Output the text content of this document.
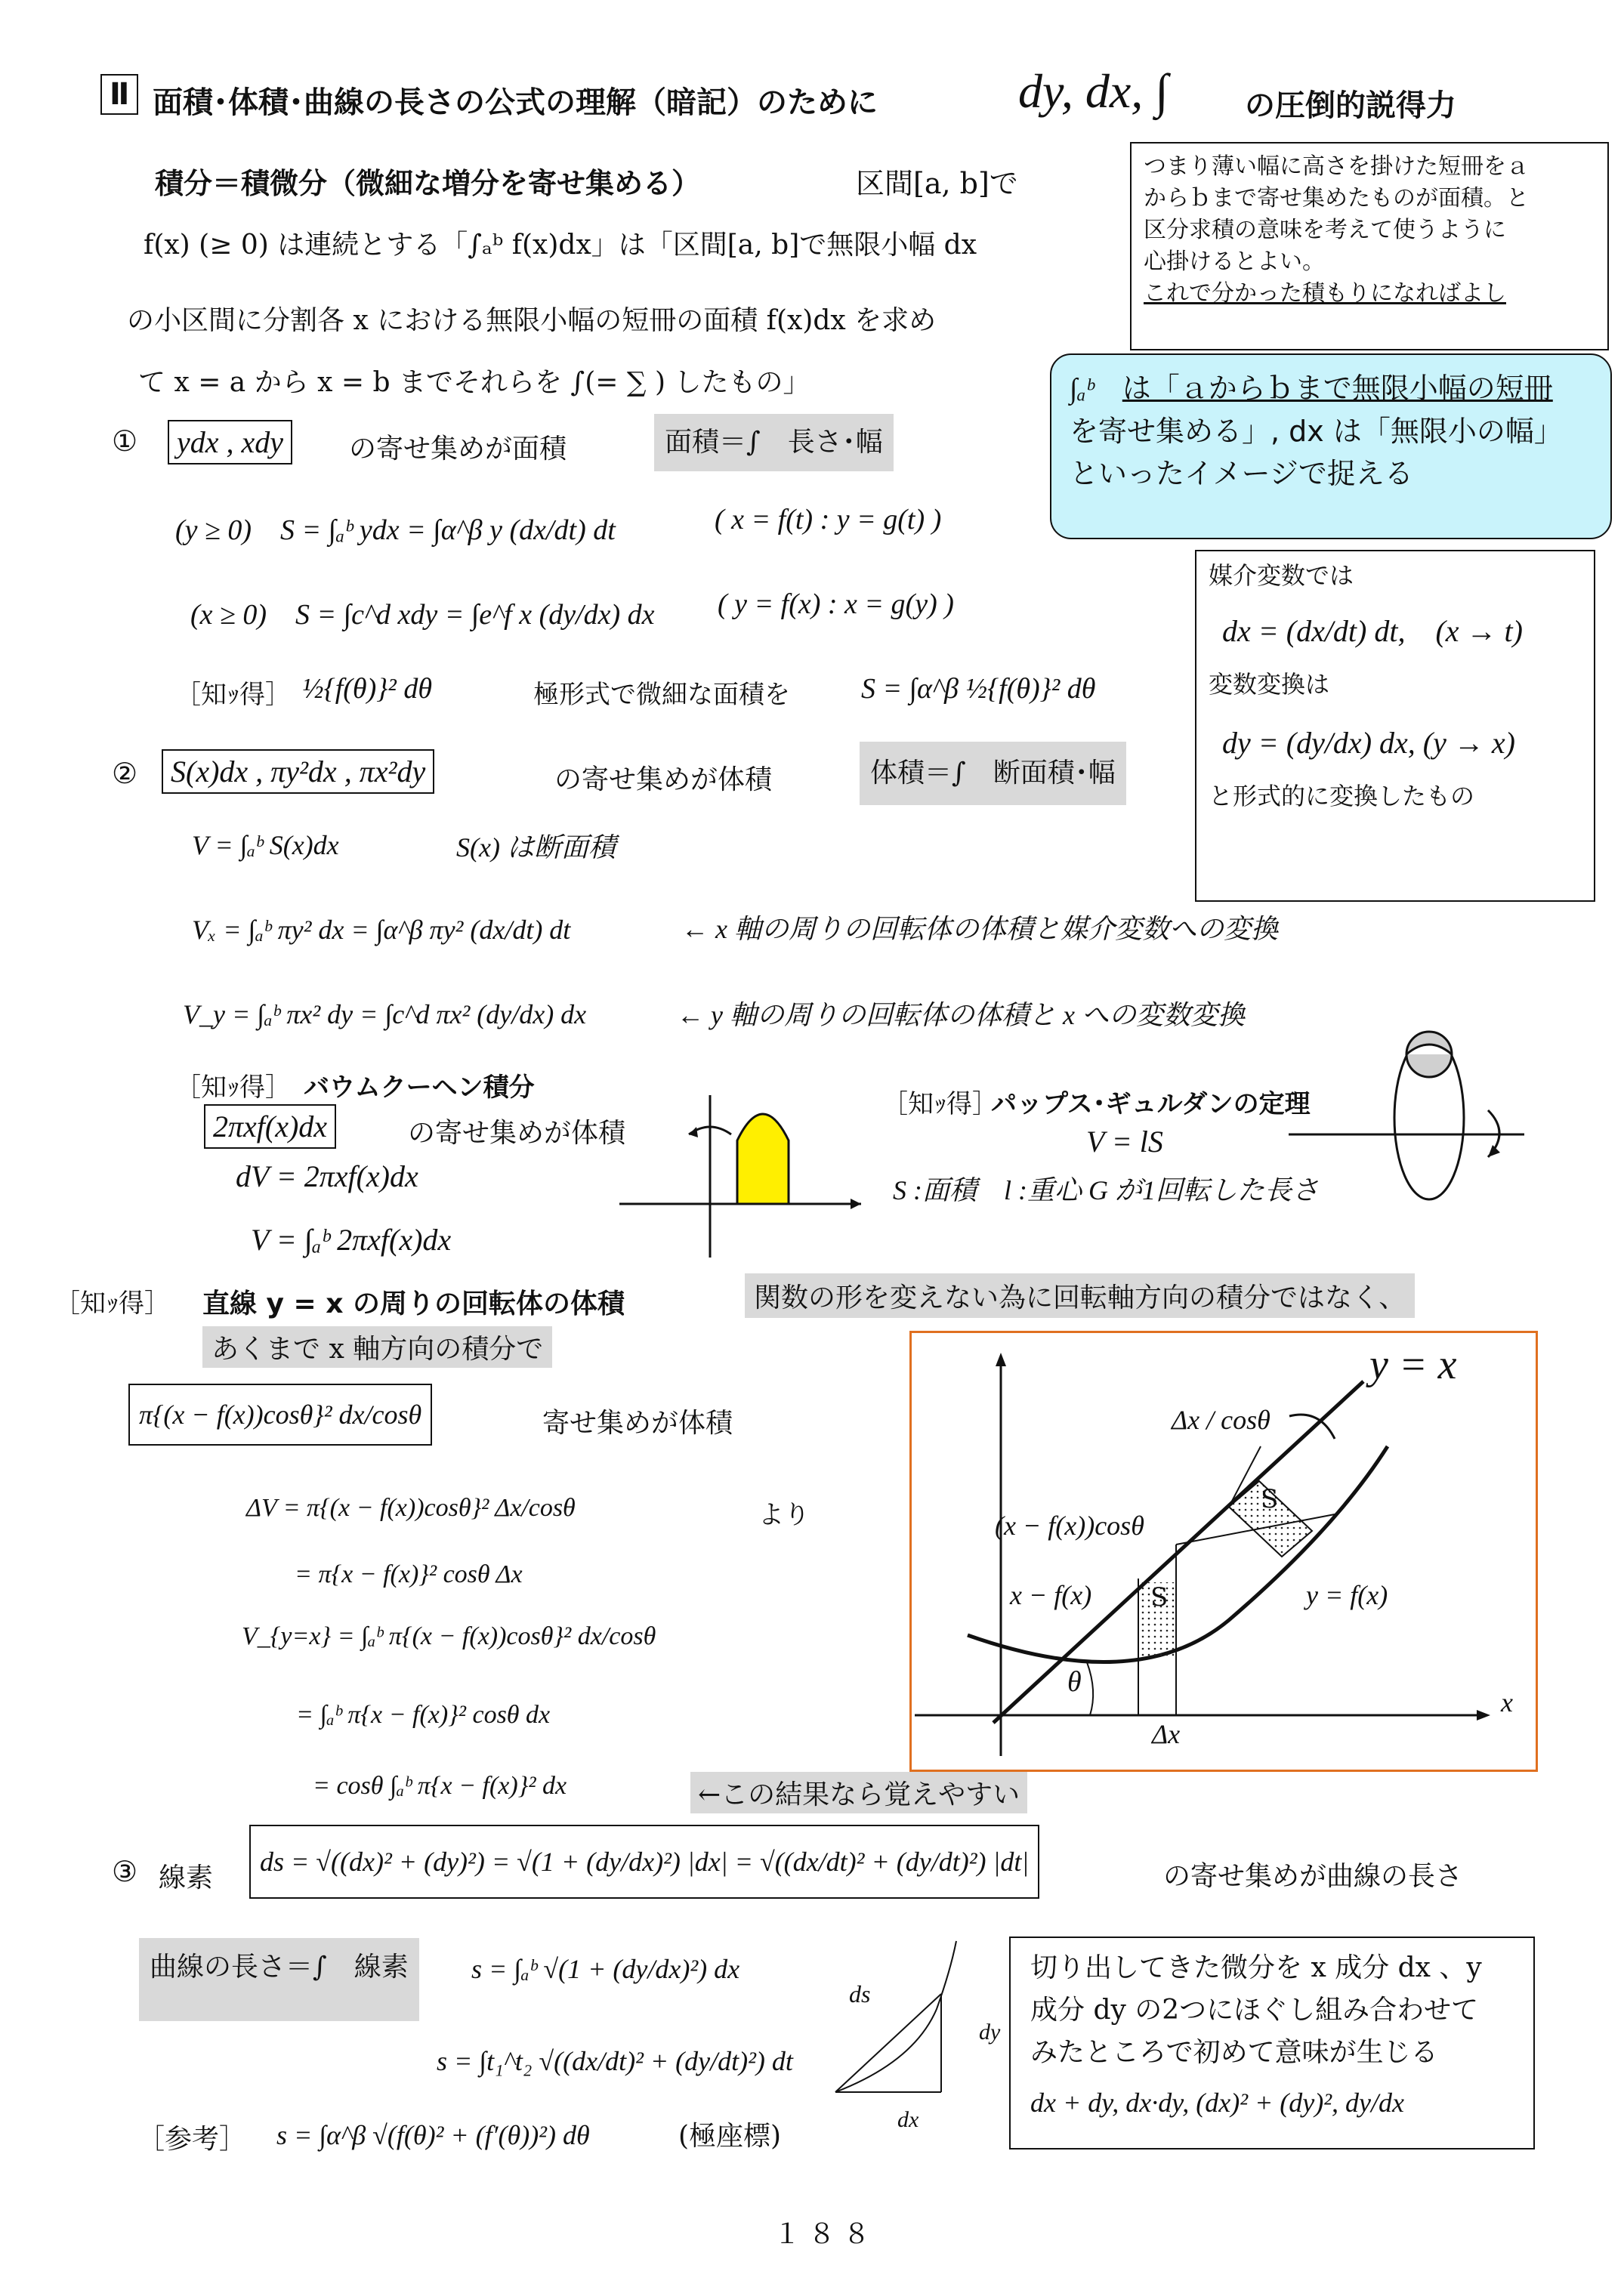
Ⅱ 面積･体積･曲線の長さの公式の理解（暗記）のために	dy, dx, ∫	の圧倒的説得力
積分＝積微分（微細な増分を寄せ集める）	区間[a, b]で
f(x) (≥ 0) は連続とする「∫ₐᵇ f(x)dx」は「区間[a, b]で無限小幅 dx
の小区間に分割各 x における無限小幅の短冊の面積 f(x)dx を求め
て x = a から x = b までそれらを ∫(= ∑ ) したもの」
つまり薄い幅に高さを掛けた短冊をａ
からｂまで寄せ集めたものが面積。と
区分求積の意味を考えて使うように
心掛けるとよい。
これで分かった積もりになればよし
∫ₐᵇ　 は「ａからｂまで無限小幅の短冊
を寄せ集める」, dx は「無限小の幅」
といったイメージで捉える
①	ydx , xdy	の寄せ集めが面積	面積＝∫　長さ･幅
(y ≥ 0)　S = ∫ₐᵇ ydx = ∫α^β y (dx/dt) dt	( x = f(t) : y = g(t) )
(x ≥ 0)　S = ∫c^d xdy = ∫e^f x (dy/dx) dx ( y = f(x) : x = g(y) )
［知ｯ得］ ½{f(θ)}² dθ	極形式で微細な面積を S = ∫α^β ½{f(θ)}² dθ
媒介変数では
dx = (dx/dt) dt,　(x → t)
変数変換は
dy = (dy/dx) dx, (y → x)
と形式的に変換したもの
②	S(x)dx , πy²dx , πx²dy	の寄せ集めが体積	体積＝∫　断面積･幅
V = ∫ₐᵇ S(x)dx	S(x) は断面積
Vₓ = ∫ₐᵇ πy² dx = ∫α^β πy² (dx/dt) dt	← x 軸の周りの回転体の体積と媒介変数への変換
V_y = ∫ₐᵇ πx² dy = ∫c^d πx² (dy/dx) dx	← y 軸の周りの回転体の体積と x への変数変換
［知ｯ得］ バウムクーヘン積分
2πxf(x)dx	の寄せ集めが体積
dV = 2πxf(x)dx
V = ∫ₐᵇ 2πxf(x)dx
［知ｯ得］
パップス･ギュルダンの定理
V = lS
S :面積　l :重心 G が1回転した長さ
［知ｯ得］ 直線 y = x の周りの回転体の体積	関数の形を変えない為に回転軸方向の積分ではなく、
あくまで x 軸方向の積分で
π{(x − f(x))cosθ}² dx/cosθ	寄せ集めが体積
ΔV = π{(x − f(x))cosθ}² Δx/cosθ	より
= π{x − f(x)}² cosθ Δx
V_{y=x} = ∫ₐᵇ π{(x − f(x))cosθ}² dx/cosθ
= ∫ₐᵇ π{x − f(x)}² cosθ dx
= cosθ ∫ₐᵇ π{x − f(x)}² dx	←この結果なら覚えやすい
y = x
Δx / cosθ
S
(x − f(x))cosθ
x − f(x) S	y = f(x)
θ
Δx
x
③ 線素
ds = √((dx)² + (dy)²) = √(1 + (dy/dx)²) |dx| = √((dx/dt)² + (dy/dt)²) |dt|	の寄せ集めが曲線の長さ
曲線の長さ＝∫　線素	s = ∫ₐᵇ √(1 + (dy/dx)²) dx
s = ∫t₁^t₂ √((dx/dt)² + (dy/dt)²) dt
［参考］ s = ∫α^β √(f(θ)² + (f′(θ))²) dθ	(極座標)
ds
dy
dx
切り出してきた微分を x 成分 dx 、y
成分 dy の2つにほぐし組み合わせて
みたところで初めて意味が生じる
dx + dy, dx·dy, (dx)² + (dy)², dy/dx
１８８
